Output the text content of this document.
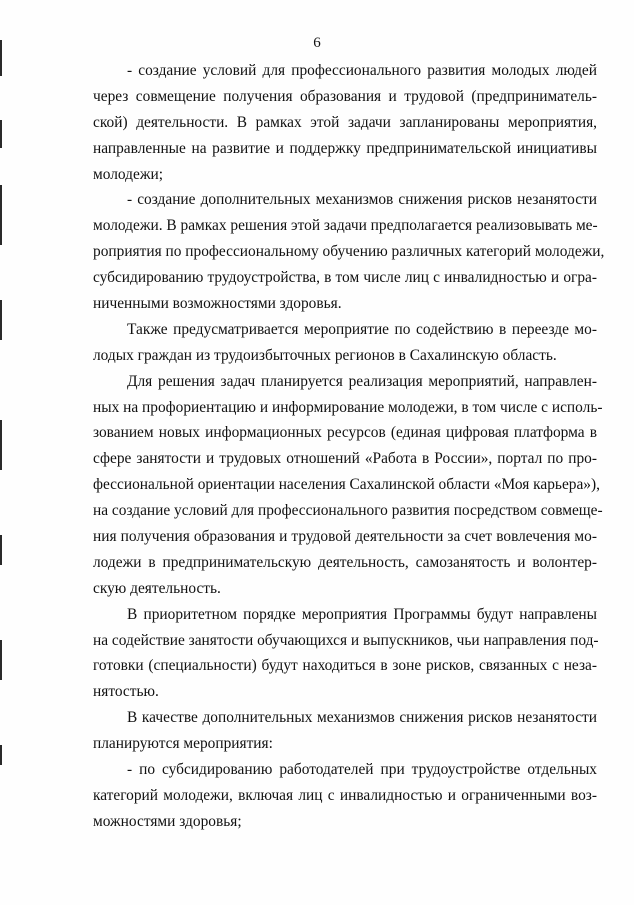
6
- создание условий для профессионального развития молодых людей
через совмещение получения образования и трудовой (предприниматель-
ской) деятельности. В рамках этой задачи запланированы мероприятия,
направленные на развитие и поддержку предпринимательской инициативы
молодежи;
- создание дополнительных механизмов снижения рисков незанятости
молодежи. В рамках решения этой задачи предполагается реализовывать ме-
роприятия по профессиональному обучению различных категорий молодежи,
субсидированию трудоустройства, в том числе лиц с инвалидностью и огра-
ниченными возможностями здоровья.
Также предусматривается мероприятие по содействию в переезде мо-
лодых граждан из трудоизбыточных регионов в Сахалинскую область.
Для решения задач планируется реализация мероприятий, направлен-
ных на профориентацию и информирование молодежи, в том числе с исполь-
зованием новых информационных ресурсов (единая цифровая платформа в
сфере занятости и трудовых отношений «Работа в России», портал по про-
фессиональной ориентации населения Сахалинской области «Моя карьера»),
на создание условий для профессионального развития посредством совмеще-
ния получения образования и трудовой деятельности за счет вовлечения мо-
лодежи в предпринимательскую деятельность, самозанятость и волонтер-
скую деятельность.
В приоритетном порядке мероприятия Программы будут направлены
на содействие занятости обучающихся и выпускников, чьи направления под-
готовки (специальности) будут находиться в зоне рисков, связанных с неза-
нятостью.
В качестве дополнительных механизмов снижения рисков незанятости
планируются мероприятия:
- по субсидированию работодателей при трудоустройстве отдельных
категорий молодежи, включая лиц с инвалидностью и ограниченными воз-
можностями здоровья;
